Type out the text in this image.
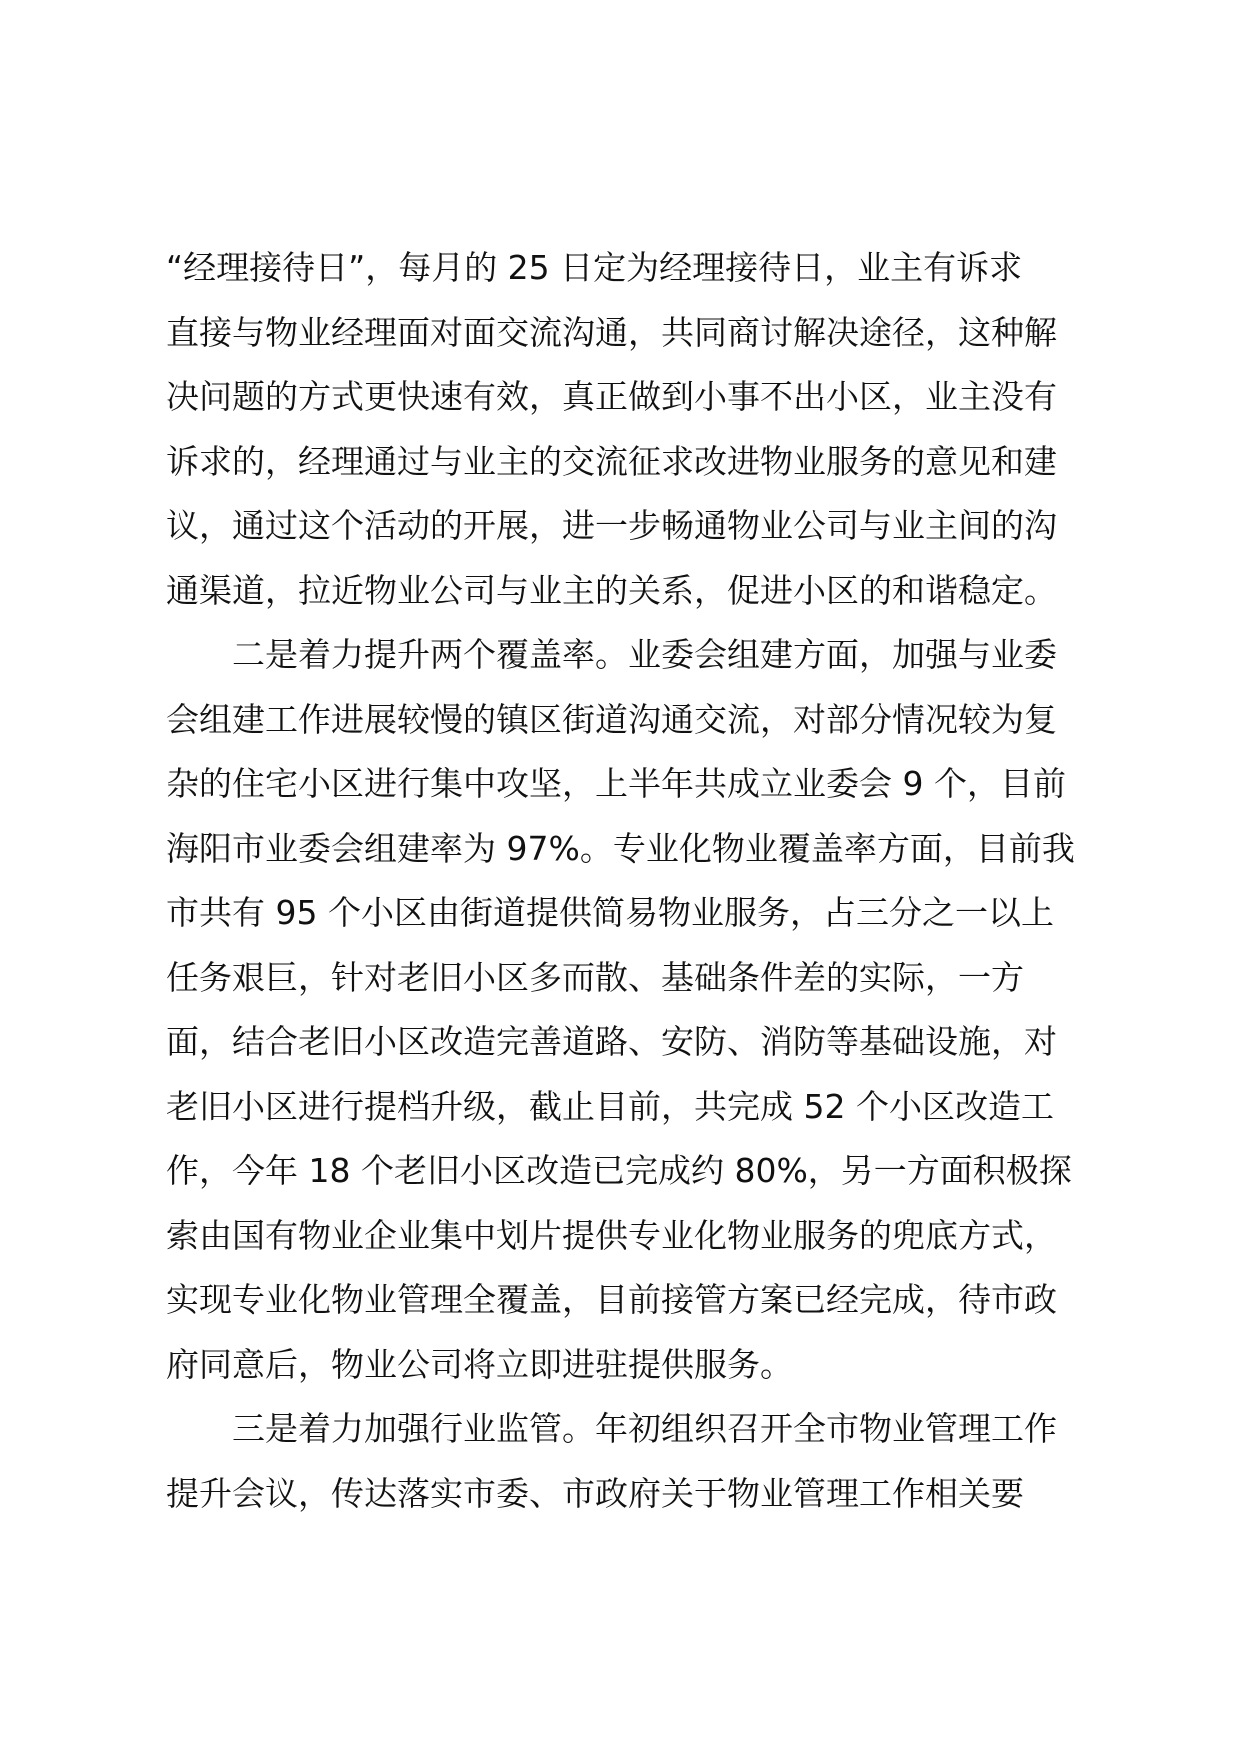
“经理接待日”，每月的 25 日定为经理接待日，业主有诉求
直接与物业经理面对面交流沟通，共同商讨解决途径，这种解
决问题的方式更快速有效，真正做到小事不出小区，业主没有
诉求的，经理通过与业主的交流征求改进物业服务的意见和建
议，通过这个活动的开展，进一步畅通物业公司与业主间的沟
通渠道，拉近物业公司与业主的关系，促进小区的和谐稳定。
　　二是着力提升两个覆盖率。业委会组建方面，加强与业委
会组建工作进展较慢的镇区街道沟通交流，对部分情况较为复
杂的住宅小区进行集中攻坚，上半年共成立业委会 9 个，目前
海阳市业委会组建率为 97%。专业化物业覆盖率方面，目前我
市共有 95 个小区由街道提供简易物业服务，占三分之一以上
任务艰巨，针对老旧小区多而散、基础条件差的实际，一方
面，结合老旧小区改造完善道路、安防、消防等基础设施，对
老旧小区进行提档升级，截止目前，共完成 52 个小区改造工
作，今年 18 个老旧小区改造已完成约 80%，另一方面积极探
索由国有物业企业集中划片提供专业化物业服务的兜底方式，
实现专业化物业管理全覆盖，目前接管方案已经完成，待市政
府同意后，物业公司将立即进驻提供服务。
　　三是着力加强行业监管。年初组织召开全市物业管理工作
提升会议，传达落实市委、市政府关于物业管理工作相关要
